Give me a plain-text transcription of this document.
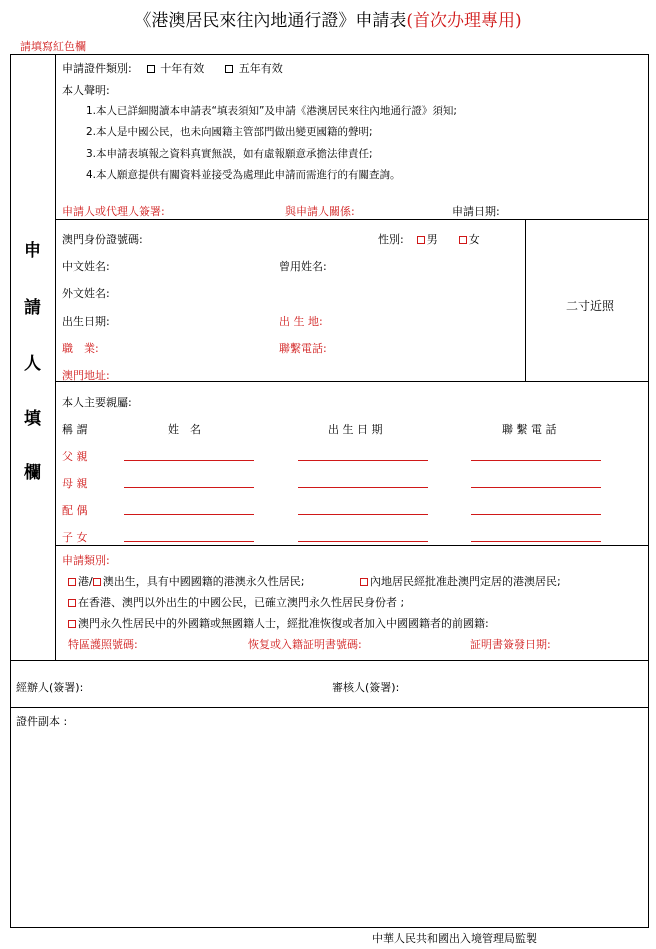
《港澳居民來往內地通行證》申請表(首次办理專用)
請填寫紅色欄
申
請
人
填
欄
申請證件類別:	十年有效	五年有效
本人聲明:
1.本人已詳細閱讀本申請表“填表須知”及申請《港澳居民來往內地通行證》須知;
2.本人是中國公民，也未向國籍主管部門做出變更國籍的聲明;
3.本申請表填報之資料真實無誤，如有虛報願意承擔法律責任;
4.本人願意提供有關資料並接受為處理此申請而需進行的有關查詢。
申請人或代理人簽署:	與申請人關係:	申請日期:
二寸近照
澳門身份證號碼:	性別: 男	女
中文姓名:	曾用姓名:
外文姓名:
出生日期:	出 生 地:
職　業:	聯繫電話:
澳門地址:
本人主要親屬:
稱 謂	姓　名	出 生 日 期	聯 繫 電 話
父 親
母 親
配 偶
子 女
申請類別:
港/ 澳出生，具有中國國籍的港澳永久性居民;	內地居民經批准赴澳門定居的港澳居民;
在香港、澳門以外出生的中國公民，已確立澳門永久性居民身份者 ;
澳門永久性居民中的外國籍或無國籍人士，經批准恢復或者加入中國國籍者的前國籍:
特區護照號碼:	恢复或入籍証明書號碼:	証明書簽發日期:
經辦人(簽署):	審核人(簽署):
證件副本 :
中華人民共和國出入境管理局監製
